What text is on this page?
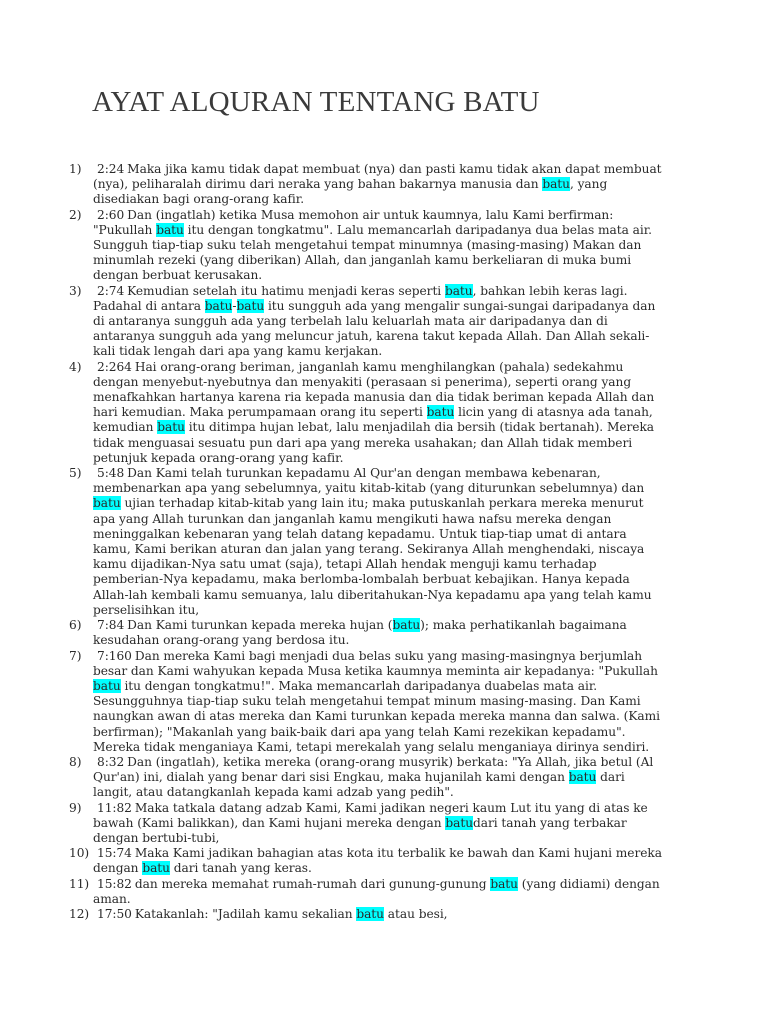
AYAT ALQURAN TENTANG BATU
1) 2:24 Maka jika kamu tidak dapat membuat (nya) dan pasti kamu tidak akan dapat membuat (nya), peliharalah dirimu dari neraka yang bahan bakarnya manusia dan batu, yang disediakan bagi orang-orang kafir.
2) 2:60 Dan (ingatlah) ketika Musa memohon air untuk kaumnya, lalu Kami berfirman: "Pukullah batu itu dengan tongkatmu". Lalu memancarlah daripadanya dua belas mata air. Sungguh tiap-tiap suku telah mengetahui tempat minumnya (masing-masing) Makan dan minumlah rezeki (yang diberikan) Allah, dan janganlah kamu berkeliaran di muka bumi dengan berbuat kerusakan.
3) 2:74 Kemudian setelah itu hatimu menjadi keras seperti batu, bahkan lebih keras lagi. Padahal di antara batu-batu itu sungguh ada yang mengalir sungai-sungai daripadanya dan di antaranya sungguh ada yang terbelah lalu keluarlah mata air daripadanya dan di antaranya sungguh ada yang meluncur jatuh, karena takut kepada Allah. Dan Allah sekali-kali tidak lengah dari apa yang kamu kerjakan.
4) 2:264 Hai orang-orang beriman, janganlah kamu menghilangkan (pahala) sedekahmu dengan menyebut-nyebutnya dan menyakiti (perasaan si penerima), seperti orang yang menafkahkan hartanya karena ria kepada manusia dan dia tidak beriman kepada Allah dan hari kemudian. Maka perumpamaan orang itu seperti batu licin yang di atasnya ada tanah, kemudian batu itu ditimpa hujan lebat, lalu menjadilah dia bersih (tidak bertanah). Mereka tidak menguasai sesuatu pun dari apa yang mereka usahakan; dan Allah tidak memberi petunjuk kepada orang-orang yang kafir.
5) 5:48 Dan Kami telah turunkan kepadamu Al Qur'an dengan membawa kebenaran, membenarkan apa yang sebelumnya, yaitu kitab-kitab (yang diturunkan sebelumnya) dan batu ujian terhadap kitab-kitab yang lain itu; maka putuskanlah perkara mereka menurut apa yang Allah turunkan dan janganlah kamu mengikuti hawa nafsu mereka dengan meninggalkan kebenaran yang telah datang kepadamu. Untuk tiap-tiap umat di antara kamu, Kami berikan aturan dan jalan yang terang. Sekiranya Allah menghendaki, niscaya kamu dijadikan-Nya satu umat (saja), tetapi Allah hendak menguji kamu terhadap pemberian-Nya kepadamu, maka berlomba-lombalah berbuat kebajikan. Hanya kepada Allah-lah kembali kamu semuanya, lalu diberitahukan-Nya kepadamu apa yang telah kamu perselisihkan itu,
6) 7:84 Dan Kami turunkan kepada mereka hujan (batu); maka perhatikanlah bagaimana kesudahan orang-orang yang berdosa itu.
7) 7:160 Dan mereka Kami bagi menjadi dua belas suku yang masing-masingnya berjumlah besar dan Kami wahyukan kepada Musa ketika kaumnya meminta air kepadanya: "Pukullah batu itu dengan tongkatmu!". Maka memancarlah daripadanya duabelas mata air. Sesungguhnya tiap-tiap suku telah mengetahui tempat minum masing-masing. Dan Kami naungkan awan di atas mereka dan Kami turunkan kepada mereka manna dan salwa. (Kami berfirman); "Makanlah yang baik-baik dari apa yang telah Kami rezekikan kepadamu". Mereka tidak menganiaya Kami, tetapi merekalah yang selalu menganiaya dirinya sendiri.
8) 8:32 Dan (ingatlah), ketika mereka (orang-orang musyrik) berkata: "Ya Allah, jika betul (Al Qur'an) ini, dialah yang benar dari sisi Engkau, maka hujanilah kami dengan batu dari langit, atau datangkanlah kepada kami adzab yang pedih".
9) 11:82 Maka tatkala datang adzab Kami, Kami jadikan negeri kaum Lut itu yang di atas ke bawah (Kami balikkan), dan Kami hujani mereka dengan batudari tanah yang terbakar dengan bertubi-tubi,
10) 15:74 Maka Kami jadikan bahagian atas kota itu terbalik ke bawah dan Kami hujani mereka dengan batu dari tanah yang keras.
11) 15:82 dan mereka memahat rumah-rumah dari gunung-gunung batu (yang didiami) dengan aman.
12) 17:50 Katakanlah: "Jadilah kamu sekalian batu atau besi,
